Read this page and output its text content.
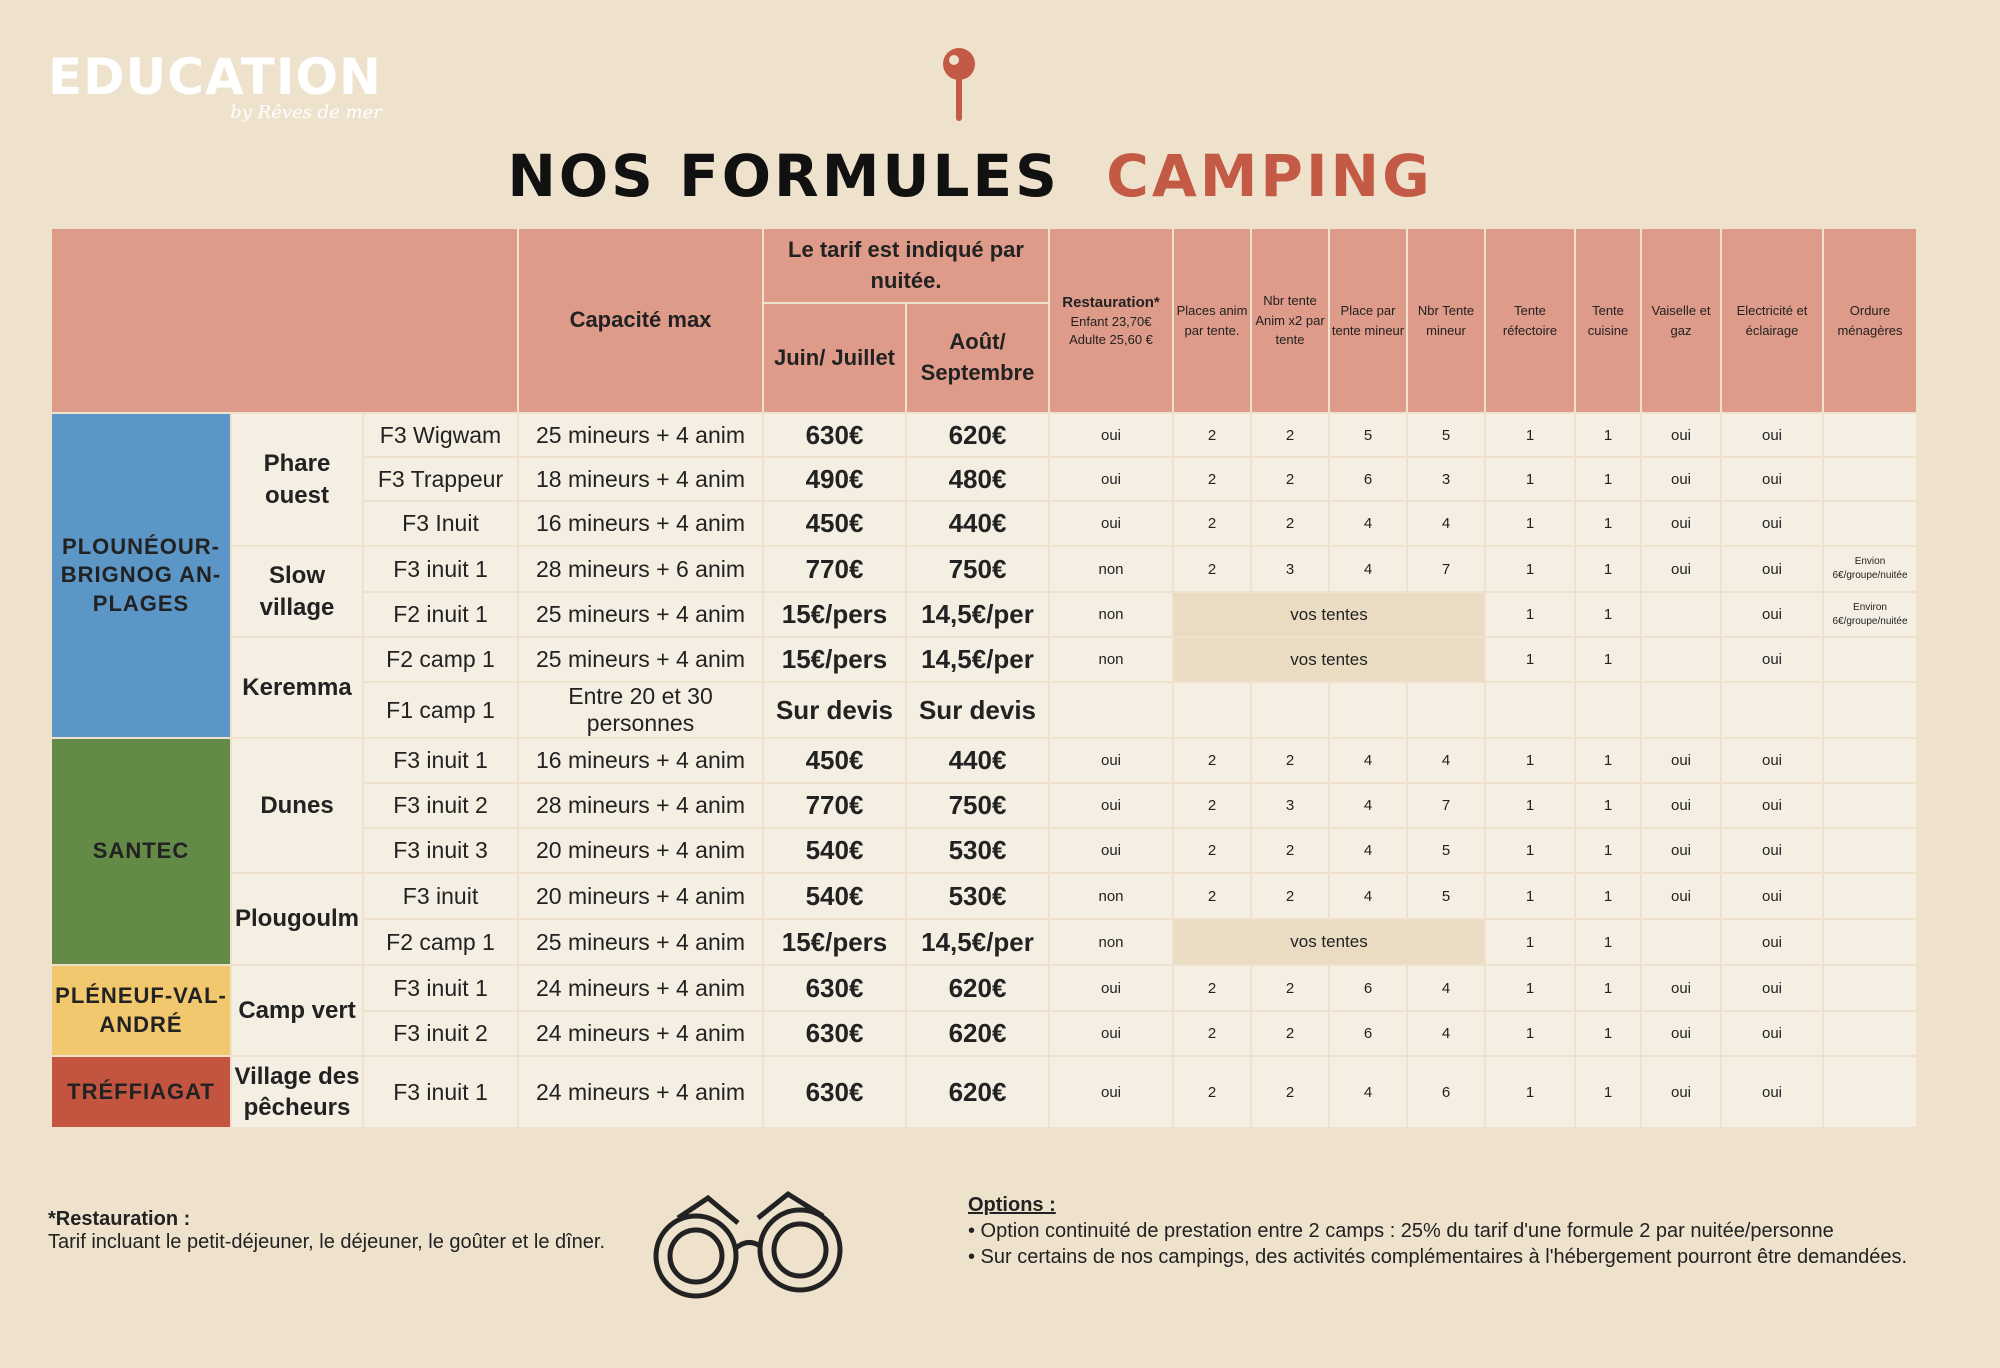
EDUCATION
by Rêves de mer
NOS FORMULES CAMPING
			Capacité max	Le tarif est indiqué par nuitée.		Restauration*
Enfant 23,70€
Adulte 25,60 €	Places anim par tente.	Nbr tente Anim x2 par tente	Place par tente mineur	Nbr Tente mineur	Tente réfectoire	Tente cuisine	Vaiselle et gaz	Electricité et éclairage	Ordure ménagères
				Juin/ Juillet	Août/ Septembre										
PLOUNÉOUR-BRIGNOG AN-PLAGES	Phare ouest	F3 Wigwam	25 mineurs + 4 anim	630€	620€	oui	2	2	5	5	1	1	oui	oui	
		F3 Trappeur	18 mineurs + 4 anim	490€	480€	oui	2	2	6	3	1	1	oui	oui	
		F3 Inuit	16 mineurs + 4 anim	450€	440€	oui	2	2	4	4	1	1	oui	oui	
	Slow village	F3 inuit 1	28 mineurs + 6 anim	770€	750€	non	2	3	4	7	1	1	oui	oui	Envion 6€/groupe/nuitée
		F2 inuit 1	25 mineurs + 4 anim	15€/pers	14,5€/per	non	vos tentes				1	1		oui	Environ 6€/groupe/nuitée
	Keremma	F2 camp 1	25 mineurs + 4 anim	15€/pers	14,5€/per	non	vos tentes				1	1		oui	
		F1 camp 1	Entre 20 et 30 personnes	Sur devis	Sur devis										
SANTEC	Dunes	F3 inuit 1	16 mineurs + 4 anim	450€	440€	oui	2	2	4	4	1	1	oui	oui	
		F3 inuit 2	28 mineurs + 4 anim	770€	750€	oui	2	3	4	7	1	1	oui	oui	
		F3 inuit 3	20 mineurs + 4 anim	540€	530€	oui	2	2	4	5	1	1	oui	oui	
	Plougoulm	F3 inuit	20 mineurs + 4 anim	540€	530€	non	2	2	4	5	1	1	oui	oui	
		F2 camp 1	25 mineurs + 4 anim	15€/pers	14,5€/per	non	vos tentes				1	1		oui	
PLÉNEUF-VAL-ANDRÉ	Camp vert	F3 inuit 1	24 mineurs + 4 anim	630€	620€	oui	2	2	6	4	1	1	oui	oui	
		F3 inuit 2	24 mineurs + 4 anim	630€	620€	oui	2	2	6	4	1	1	oui	oui	
TRÉFFIAGAT	Village des pêcheurs	F3 inuit 1	24 mineurs + 4 anim	630€	620€	oui	2	2	4	6	1	1	oui	oui	
*Restauration :
Tarif incluant le petit-déjeuner, le déjeuner, le goûter et le dîner.
Options :
• Option continuité de prestation entre 2 camps : 25% du tarif d'une formule 2 par nuitée/personne
• Sur certains de nos campings, des activités complémentaires à l'hébergement pourront être demandées.
